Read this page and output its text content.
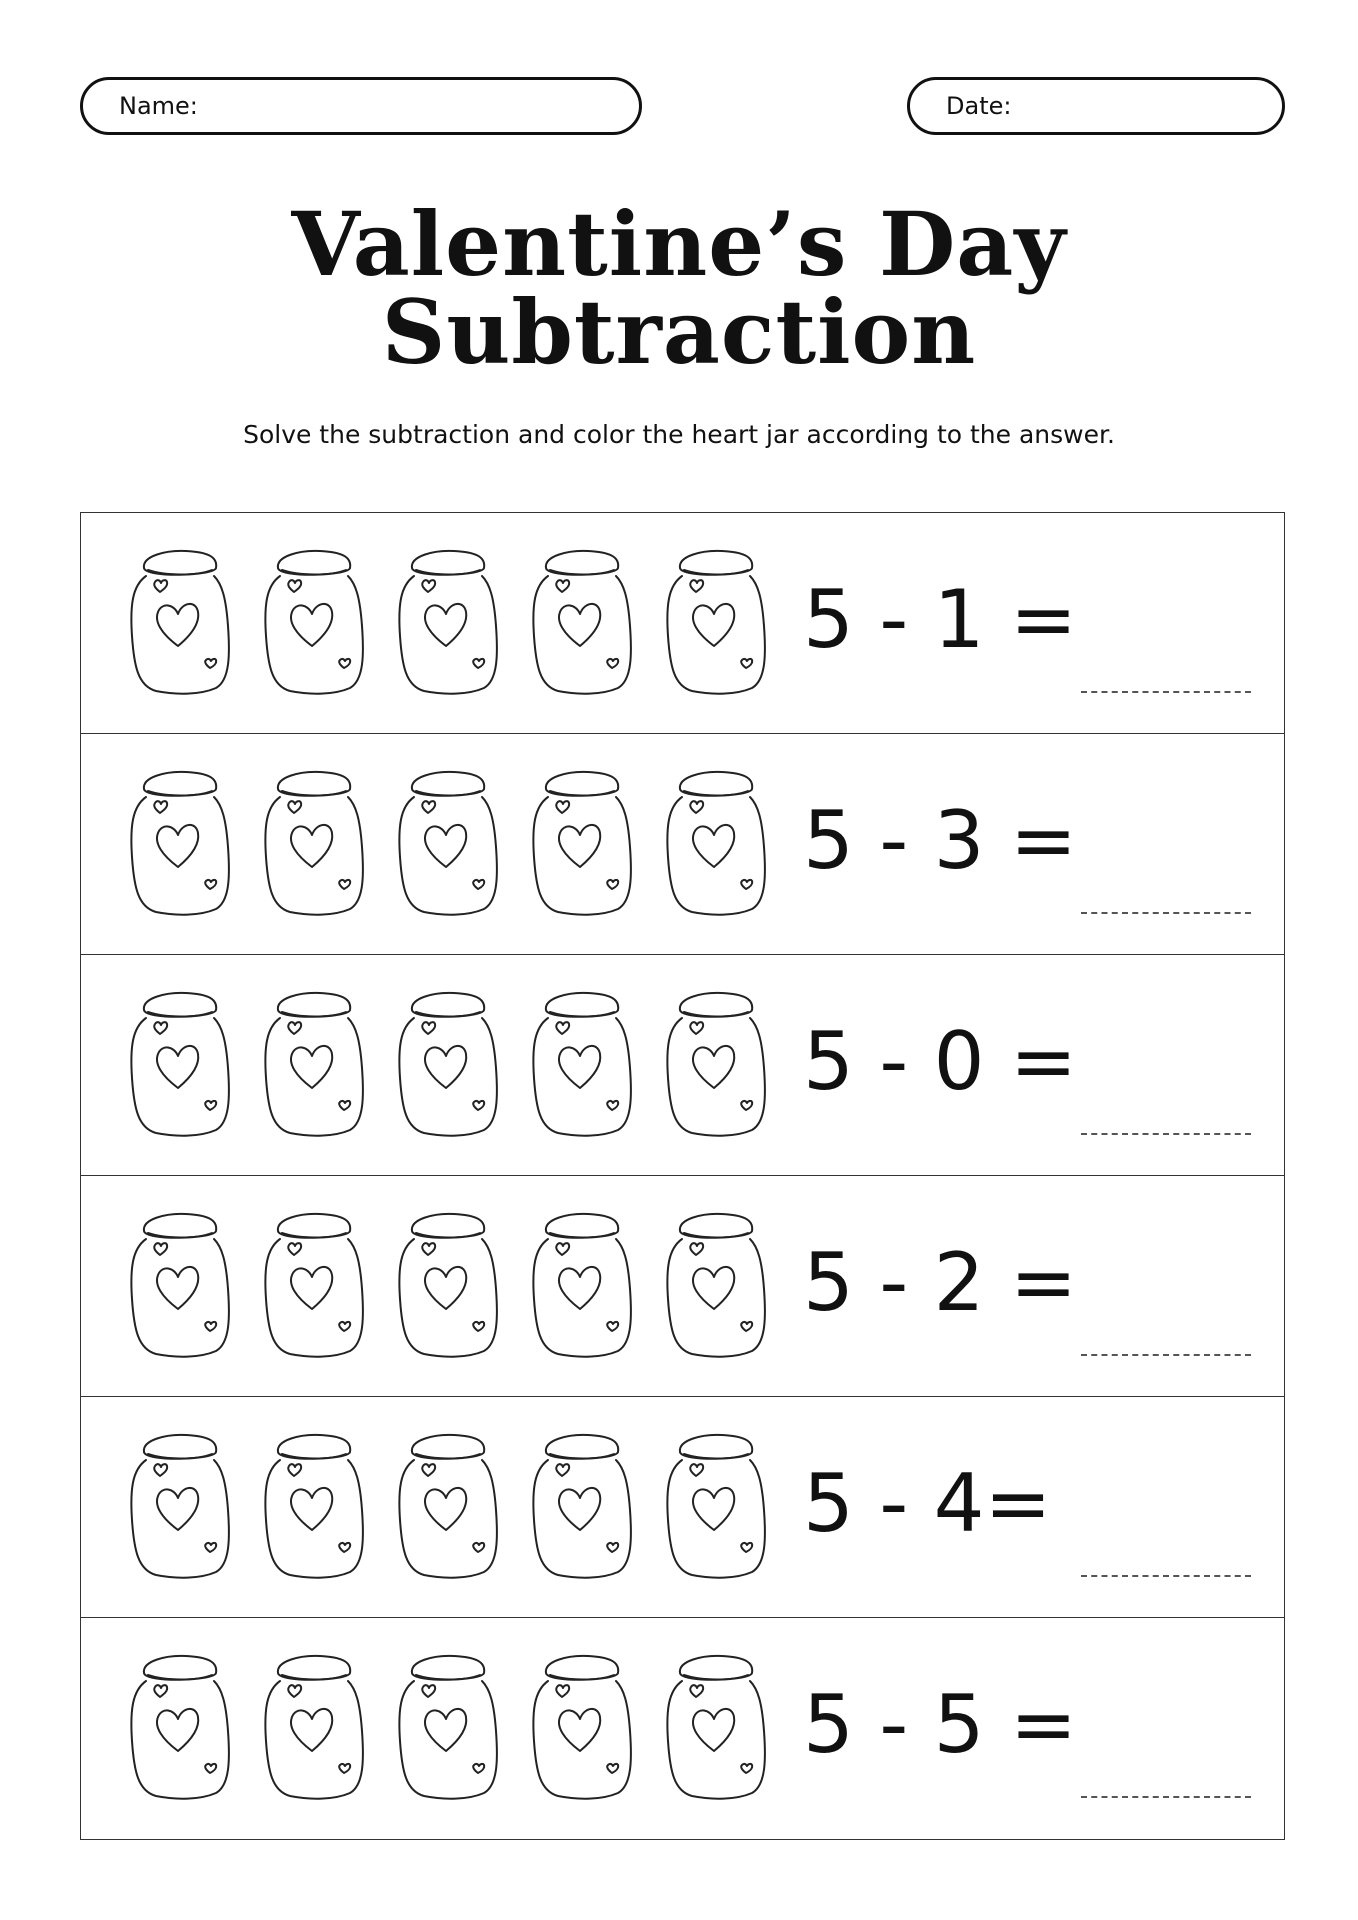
Name:	Date:
Valentine’s Day
Subtraction
Solve the subtraction and color the heart jar according to the answer.
5 - 1 =
5 - 3 =
5 - 0 =
5 - 2 =
5 - 4=
5 - 5 =
